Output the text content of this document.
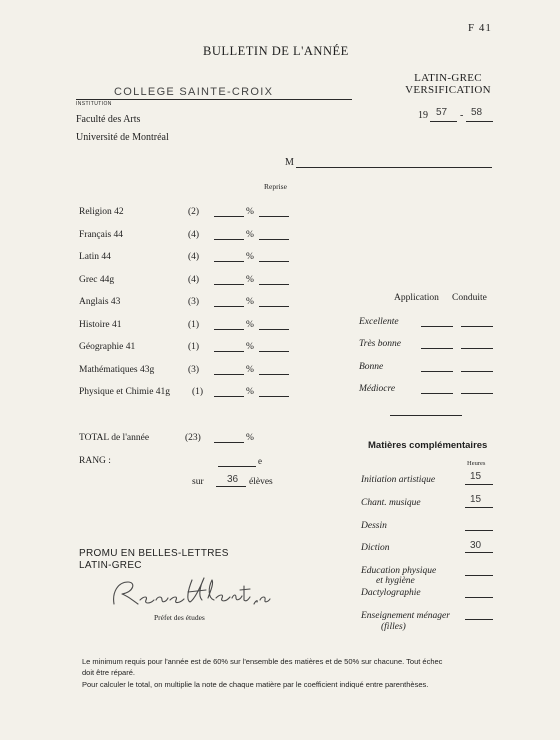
F 41
BULLETIN DE L'ANNÉE
LATIN-GREC
VERSIFICATION
COLLEGE SAINTE-CROIX
INSTITUTION
Faculté des Arts
Université de Montréal
19 57 - 58
M
Reprise
Religion 42	(2)	%
Français 44	(4)	%
Latin 44	(4)	%
Grec 44g	(4)	%
Anglais 43	(3)	%
Histoire 41	(1)	%
Géographie 41	(1)	%
Mathématiques 43g	(3)	%
Physique et Chimie 41g (1)	%
Application Conduite
Excellente
Très bonne
Bonne
Médiocre
TOTAL de l'année	(23)	%
RANG :	e
sur 36 élèves
Matières complémentaires
Heures
Initiation artistique	15
Chant. musique	15
Dessin
Diction	30
Education physique
et hygiène
Dactylographie
Enseignement ménager
(filles)
PROMU EN BELLES-LETTRES
LATIN-GREC
Préfet des études
Le minimum requis pour l'année est de 60% sur l'ensemble des matières et de 50% sur chacune. Tout échec
doit être réparé.
Pour calculer le total, on multiplie la note de chaque matière par le coefficient indiqué entre parenthèses.
